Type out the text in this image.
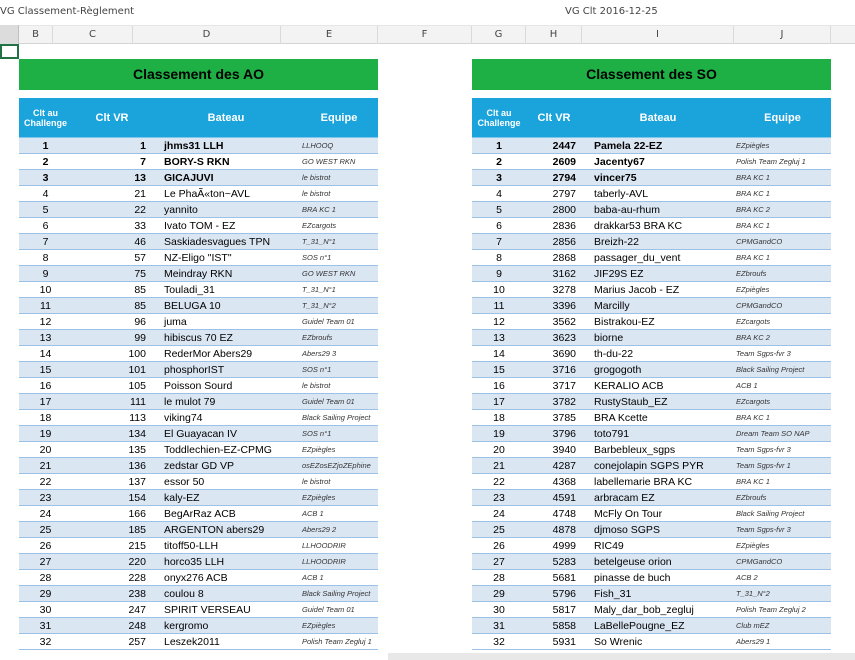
VG Classement-Règlement	VG Clt 2016-12-25
B	C	D	E	F	G	H	I	J
Classement des AO	Classement des SO
Clt au Challenge	Clt VR	Bateau	Equipe
1	1	jhms31 LLH	LLHOOQ
2	7	BORY-S RKN	GO WEST RKN
3	13	GICAJUVI	le bistrot
4	21	Le PhaÃ«ton~AVL	le bistrot
5	22	yannito	BRA KC 1
6	33	Ivato TOM - EZ	EZcargots
7	46	Saskiadesvagues TPN	T_31_N°1
8	57	NZ-Eligo "IST"	SOS n°1
9	75	Meindray RKN	GO WEST RKN
10	85	Touladi_31	T_31_N°1
11	85	BELUGA 10	T_31_N°2
12	96	juma	Guidel Team 01
13	99	hibiscus 70 EZ	EZbroufs
14	100	RederMor Abers29	Abers29 3
15	101	phosphorIST	SOS n°1
16	105	Poisson Sourd	le bistrot
17	111	le mulot 79	Guidel Team 01
18	113	viking74	Black Sailing Project
19	134	El Guayacan IV	SOS n°1
20	135	Toddlechien-EZ-CPMG	EZpiègles
21	136	zedstar GD VP	osEZosEZjoZEphine
22	137	essor 50	le bistrot
23	154	kaly-EZ	EZpiègles
24	166	BegArRaz ACB	ACB 1
25	185	ARGENTON abers29	Abers29 2
26	215	titoff50-LLH	LLHOODRIR
27	220	horco35 LLH	LLHOODRIR
28	228	onyx276 ACB	ACB 1
29	238	coulou 8	Black Sailing Project
30	247	SPIRIT VERSEAU	Guidel Team 01
31	248	kergromo	EZpiègles
32	257	Leszek2011	Polish Team Zegluj 1
Clt au Challenge	Clt VR	Bateau	Equipe
1	2447	Pamela 22-EZ	EZpiègles
2	2609	Jacenty67	Polish Team Zegluj 1
3	2794	vincer75	BRA KC 1
4	2797	taberly-AVL	BRA KC 1
5	2800	baba-au-rhum	BRA KC 2
6	2836	drakkar53 BRA KC	BRA KC 1
7	2856	Breizh-22	CPMGandCO
8	2868	passager_du_vent	BRA KC 1
9	3162	JIF29S EZ	EZbroufs
10	3278	Marius Jacob - EZ	EZpiègles
11	3396	Marcilly	CPMGandCO
12	3562	Bistrakou-EZ	EZcargots
13	3623	biorne	BRA KC 2
14	3690	th-du-22	Team Sgps-fvr 3
15	3716	grogogoth	Black Sailing Project
16	3717	KERALIO ACB	ACB 1
17	3782	RustyStaub_EZ	EZcargots
18	3785	BRA Kcette	BRA KC 1
19	3796	toto791	Dream Team SO NAP
20	3940	Barbebleux_sgps	Team Sgps-fvr 3
21	4287	conejolapin SGPS PYR	Team Sgps-fvr 1
22	4368	labellemarie BRA KC	BRA KC 1
23	4591	arbracam EZ	EZbroufs
24	4748	McFly On Tour	Black Sailing Project
25	4878	djmoso SGPS	Team Sgps-fvr 3
26	4999	RIC49	EZpiègles
27	5283	betelgeuse orion	CPMGandCO
28	5681	pinasse de buch	ACB 2
29	5796	Fish_31	T_31_N°2
30	5817	Maly_dar_bob_zegluj	Polish Team Zegluj 2
31	5858	LaBellePougne_EZ	Club mEZ
32	5931	So Wrenic	Abers29 1
